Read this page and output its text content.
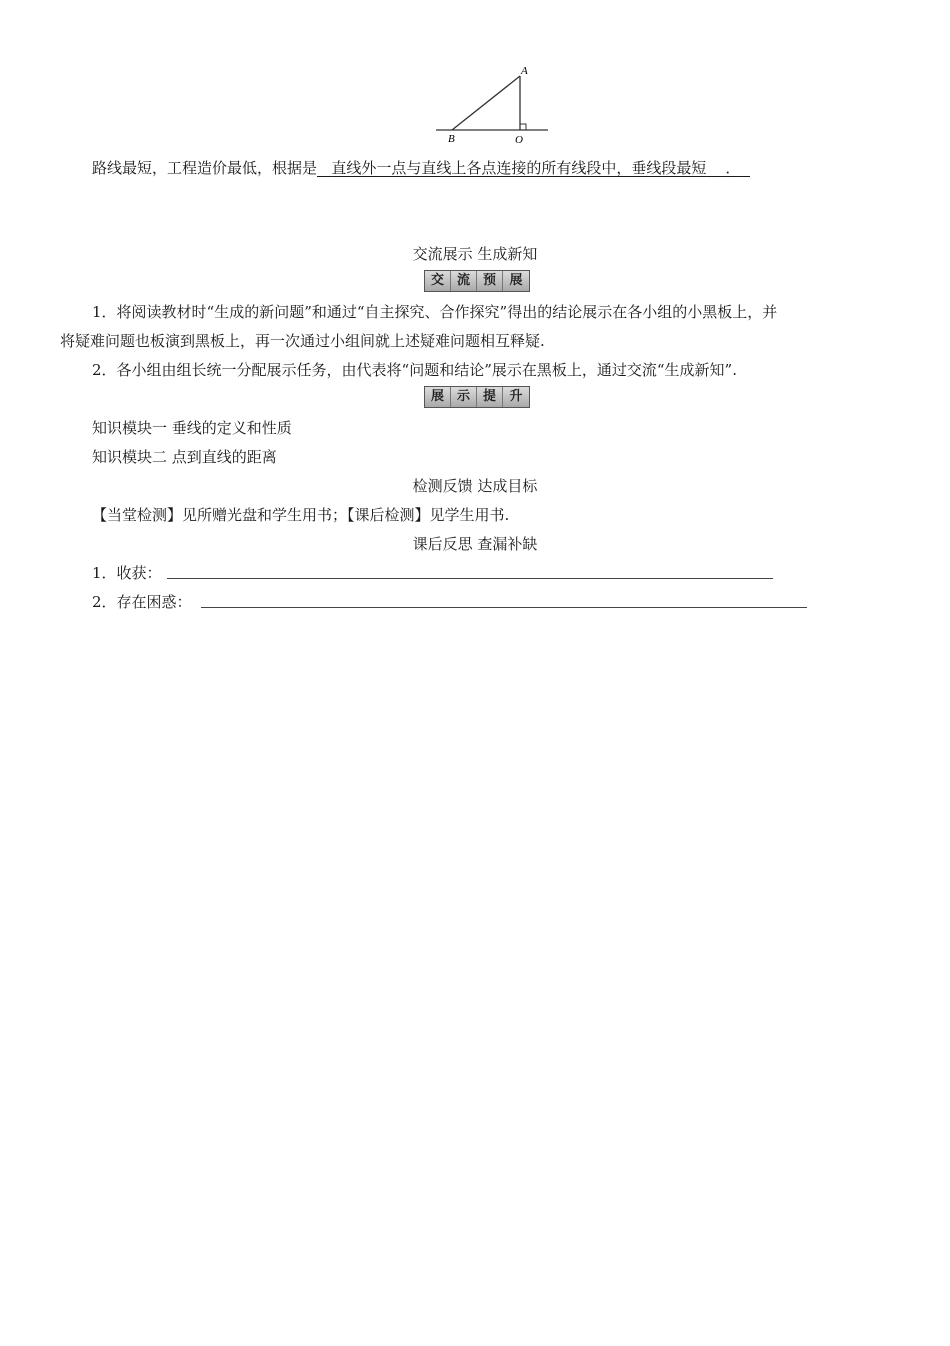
A
B	O
路线最短，工程造价最低，根据是 直线外一点与直线上各点连接的所有线段中，垂线段最短 ．
交流展示 生成新知
交 流 预	展
1．将阅读教材时“生成的新问题”和通过“自主探究、合作探究”得出的结论展示在各小组的小黑板上，并
将疑难问题也板演到黑板上，再一次通过小组间就上述疑难问题相互释疑.
2．各小组由组长统一分配展示任务，由代表将“问题和结论”展示在黑板上，通过交流“生成新知”.
展 示 提	升
知识模块一 垂线的定义和性质
知识模块二 点到直线的距离
检测反馈 达成目标
【当堂检测】见所赠光盘和学生用书；【课后检测】见学生用书.
课后反思 查漏补缺
1．收获：
2．存在困惑：
